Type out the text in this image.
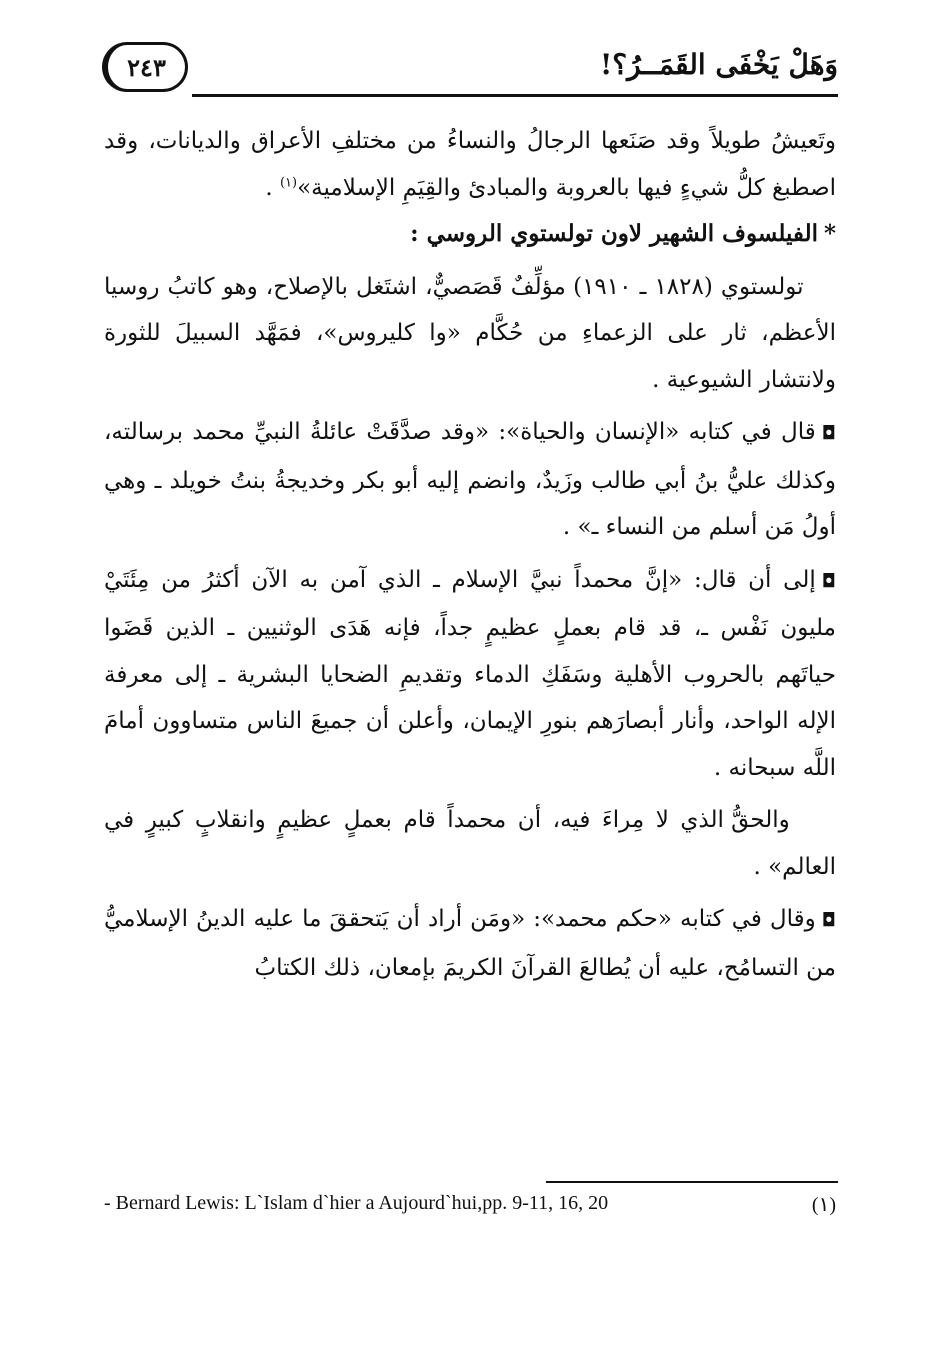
وَهَلْ يَخْفَى القَمَــرُ؟!
٢٤٣

وتَعيشُ طويلاً وقد صَنَعها الرجالُ والنساءُ من مختلفِ الأعراق والديانات، وقد اصطبغ كلُّ شيءٍ فيها بالعروبة والمبادئ والقِيَمِ الإسلامية»$^{(١)}$ .

*الفيلسوف الشهير لاون تولستوي الروسي :

تولستوي (١٨٢٨ ـ ١٩١٠) مؤلِّفٌ قَصَصيٌّ، اشتَغل بالإصلاح، وهو كاتبُ روسيا الأعظم، ثار على الزعماءِ من حُكَّام «وا كليروس»، فمَهَّد السبيلَ للثورة ولانتشار الشيوعية .

◘قال في كتابه «الإنسان والحياة»: «وقد صدَّقَتْ عائلةُ النبيِّ محمد برسالته، وكذلك عليُّ بنُ أبي طالب وزَيدٌ، وانضم إليه أبو بكر وخديجةُ بنتُ خويلد ـ وهي أولُ مَن أسلم من النساء ـ» .

◘إلى أن قال: «إنَّ محمداً نبيَّ الإسلام ـ الذي آمن به الآن أكثرُ من مِئَتَيْ مليون نَفْس ـ، قد قام بعملٍ عظيمٍ جداً، فإنه هَدَى الوثنيين ـ الذين قَضَوا حياتَهم بالحروب الأهلية وسَفَكِ الدماء وتقديمِ الضحايا البشرية ـ إلى معرفة الإله الواحد، وأنار أبصارَهم بنورِ الإيمان، وأعلن أن جميعَ الناس متساوون أمامَ اللَّه سبحانه .

والحقُّ الذي لا مِراءَ فيه، أن محمداً قام بعملٍ عظيمٍ وانقلابٍ كبيرٍ في العالم» .

◘وقال في كتابه «حكم محمد»: «ومَن أراد أن يَتحققَ ما عليه الدينُ الإسلاميُّ من التسامُح، عليه أن يُطالعَ القرآنَ الكريمَ بإمعان، ذلك الكتابُ

- Bernard Lewis: L`Islam d`hier a Aujourd`hui,pp. 9-11, 16, 20	(١)
